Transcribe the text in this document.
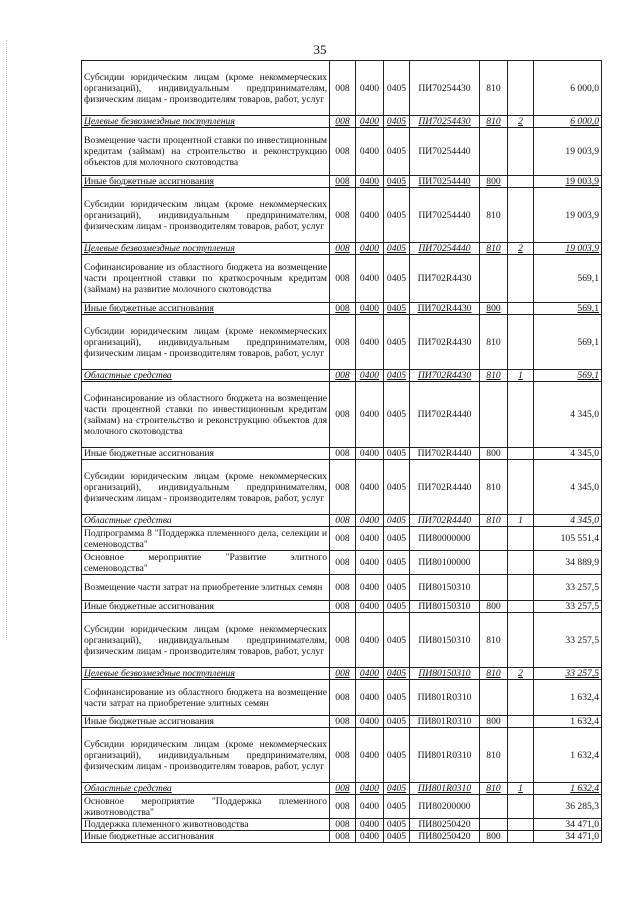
35
Субсидии юридическим лицам (кроме некоммерческих организаций), индивидуальным предпринимателям, физическим лицам - производителям товаров, работ, услуг	008	0400	0405	ПИ70254430	810		6 000,0
Целевые безвозмездные поступления	008	0400	0405	ПИ70254430	810	2	6 000,0
Возмещение части процентной ставки по инвестиционным кредитам (займам) на строительство и реконструкцию объектов для молочного скотоводства	008	0400	0405	ПИ70254440			19 003,9
Иные бюджетные ассигнования	008	0400	0405	ПИ70254440	800		19 003,9
Субсидии юридическим лицам (кроме некоммерческих организаций), индивидуальным предпринимателям, физическим лицам - производителям товаров, работ, услуг	008	0400	0405	ПИ70254440	810		19 003,9
Целевые безвозмездные поступления	008	0400	0405	ПИ70254440	810	2	19 003,9
Софинансирование из областного бюджета на возмещение части процентной ставки по краткосрочным кредитам (займам) на развитие молочного скотоводства	008	0400	0405	ПИ702R4430			569,1
Иные бюджетные ассигнования	008	0400	0405	ПИ702R4430	800		569,1
Субсидии юридическим лицам (кроме некоммерческих организаций), индивидуальным предпринимателям, физическим лицам - производителям товаров, работ, услуг	008	0400	0405	ПИ702R4430	810		569,1
Областные средства	008	0400	0405	ПИ702R4430	810	1	569,1
Софинансирование из областного бюджета на возмещение части процентной ставки по инвестиционным кредитам (займам) на строительство и реконструкцию объектов для молочного скотоводства	008	0400	0405	ПИ702R4440			4 345,0
Иные бюджетные ассигнования	008	0400	0405	ПИ702R4440	800		4 345,0
Субсидии юридическим лицам (кроме некоммерческих организаций), индивидуальным предпринимателям, физическим лицам - производителям товаров, работ, услуг	008	0400	0405	ПИ702R4440	810		4 345,0
Областные средства	008	0400	0405	ПИ702R4440	810	1	4 345,0
Подпрограмма 8 "Поддержка племенного дела, селекции и семеноводства"	008	0400	0405	ПИ80000000			105 551,4
Основное мероприятие "Развитие элитного семеноводства"	008	0400	0405	ПИ80100000			34 889,9
Возмещение части затрат на приобретение элитных семян	008	0400	0405	ПИ80150310			33 257,5
Иные бюджетные ассигнования	008	0400	0405	ПИ80150310	800		33 257,5
Субсидии юридическим лицам (кроме некоммерческих организаций), индивидуальным предпринимателям, физическим лицам - производителям товаров, работ, услуг	008	0400	0405	ПИ80150310	810		33 257,5
Целевые безвозмездные поступления	008	0400	0405	ПИ80150310	810	2	33 257,5
Софинансирование из областного бюджета на возмещение части затрат на приобретение элитных семян	008	0400	0405	ПИ801R0310			1 632,4
Иные бюджетные ассигнования	008	0400	0405	ПИ801R0310	800		1 632,4
Субсидии юридическим лицам (кроме некоммерческих организаций), индивидуальным предпринимателям, физическим лицам - производителям товаров, работ, услуг	008	0400	0405	ПИ801R0310	810		1 632,4
Областные средства	008	0400	0405	ПИ801R0310	810	1	1 632,4
Основное мероприятие "Поддержка племенного животноводства"	008	0400	0405	ПИ80200000			36 285,3
Поддержка племенного животноводства	008	0400	0405	ПИ80250420			34 471,0
Иные бюджетные ассигнования	008	0400	0405	ПИ80250420	800		34 471,0
